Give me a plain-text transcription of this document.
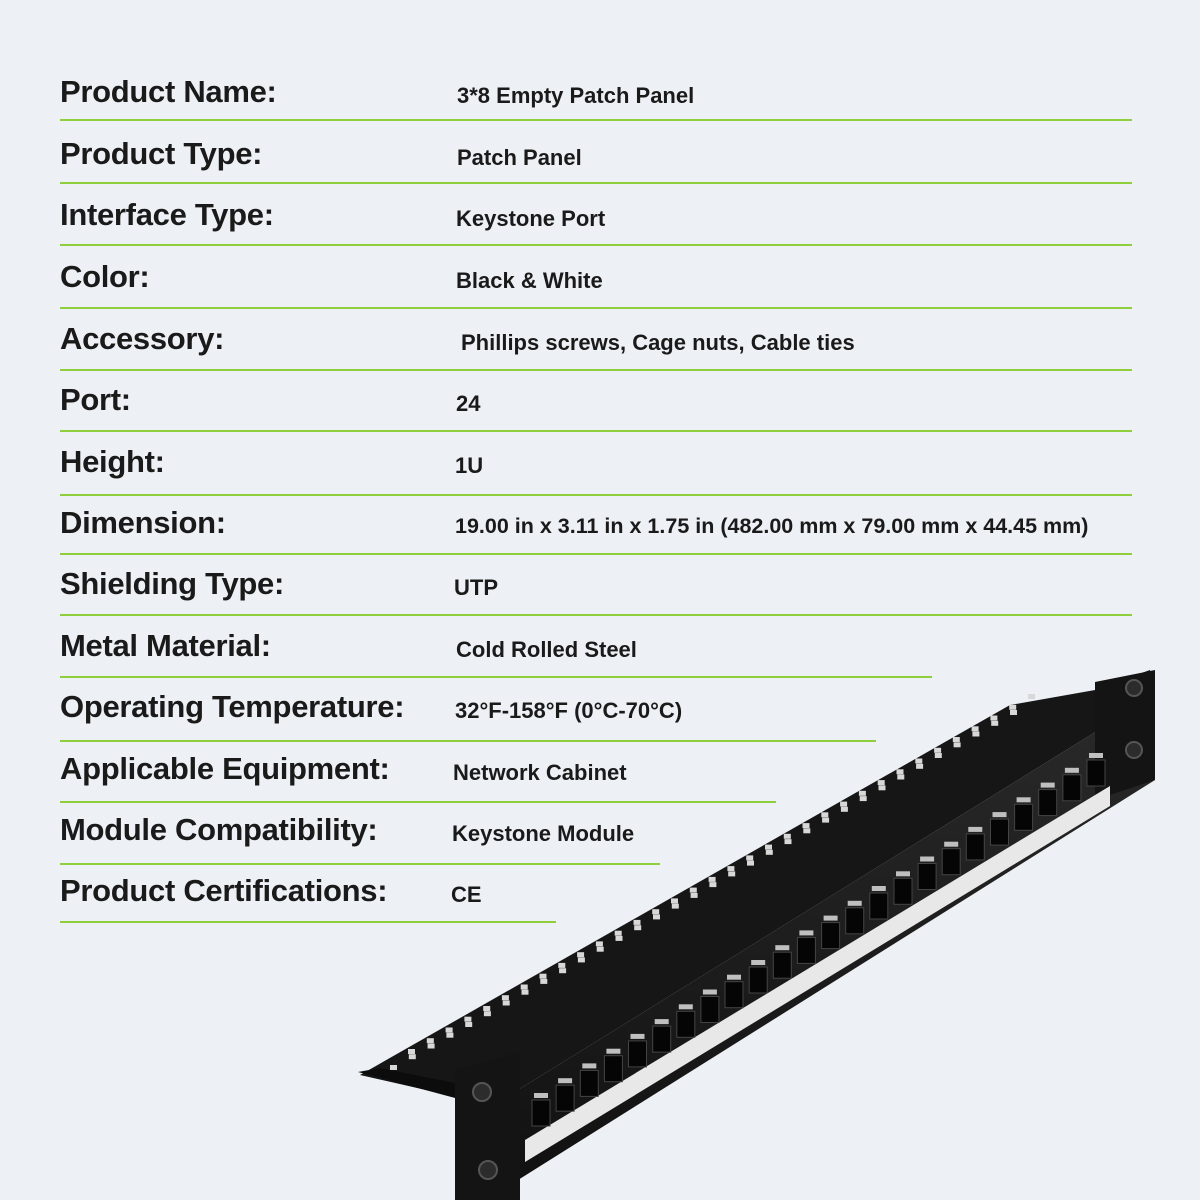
Product Name:	3*8 Empty Patch Panel
Product Type:	Patch Panel
Interface Type:	Keystone Port
Color:	Black & White
Accessory:	Phillips screws, Cage nuts, Cable ties
Port:	24
Height:	1U
Dimension:	19.00 in x 3.11 in x 1.75 in (482.00 mm x 79.00 mm x 44.45 mm)
Shielding Type:	UTP
Metal Material:	Cold Rolled Steel
Operating Temperature: 32°F-158°F (0°C-70°C)
Applicable Equipment:	Network Cabinet
Module Compatibility:	Keystone Module
Product Certifications:	CE
